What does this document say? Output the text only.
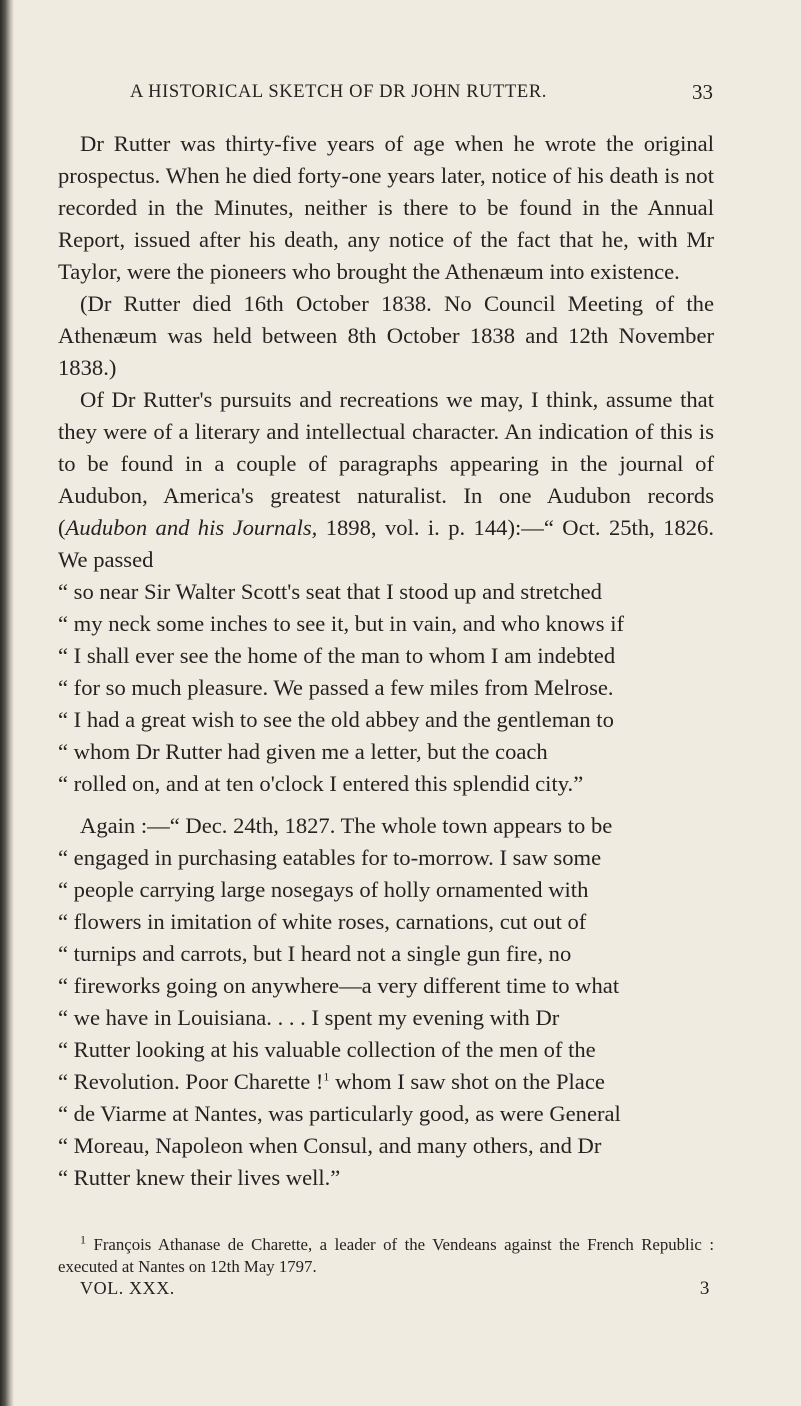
A HISTORICAL SKETCH OF DR JOHN RUTTER.	33

Dr Rutter was thirty-five years of age when he wrote the original prospectus. When he died forty-one years later, notice of his death is not recorded in the Minutes, neither is there to be found in the Annual Report, issued after his death, any notice of the fact that he, with Mr Taylor, were the pioneers who brought the Athenæum into existence.

(Dr Rutter died 16th October 1838. No Council Meeting of the Athenæum was held between 8th October 1838 and 12th November 1838.)

Of Dr Rutter's pursuits and recreations we may, I think, assume that they were of a literary and intellectual character. An indication of this is to be found in a couple of paragraphs appearing in the journal of Audubon, America's greatest naturalist. In one Audubon records (Audubon and his Journals, 1898, vol. i. p. 144):—“ Oct. 25th, 1826. We passed

“ so near Sir Walter Scott's seat that I stood up and stretched
“ my neck some inches to see it, but in vain, and who knows if
“ I shall ever see the home of the man to whom I am indebted
“ for so much pleasure. We passed a few miles from Melrose.
“ I had a great wish to see the old abbey and the gentleman to
“ whom Dr Rutter had given me a letter, but the coach
“ rolled on, and at ten o'clock I entered this splendid city.”

Again :—“ Dec. 24th, 1827. The whole town appears to be

“ engaged in purchasing eatables for to-morrow. I saw some
“ people carrying large nosegays of holly ornamented with
“ flowers in imitation of white roses, carnations, cut out of
“ turnips and carrots, but I heard not a single gun fire, no
“ fireworks going on anywhere—a very different time to what
“ we have in Louisiana. . . . I spent my evening with Dr
“ Rutter looking at his valuable collection of the men of the
“ Revolution. Poor Charette !$^1$ whom I saw shot on the Place
“ de Viarme at Nantes, was particularly good, as were General
“ Moreau, Napoleon when Consul, and many others, and Dr
“ Rutter knew their lives well.”

$^1$ François Athanase de Charette, a leader of the Vendeans against the French Republic : executed at Nantes on 12th May 1797.

VOL. XXX.	3
